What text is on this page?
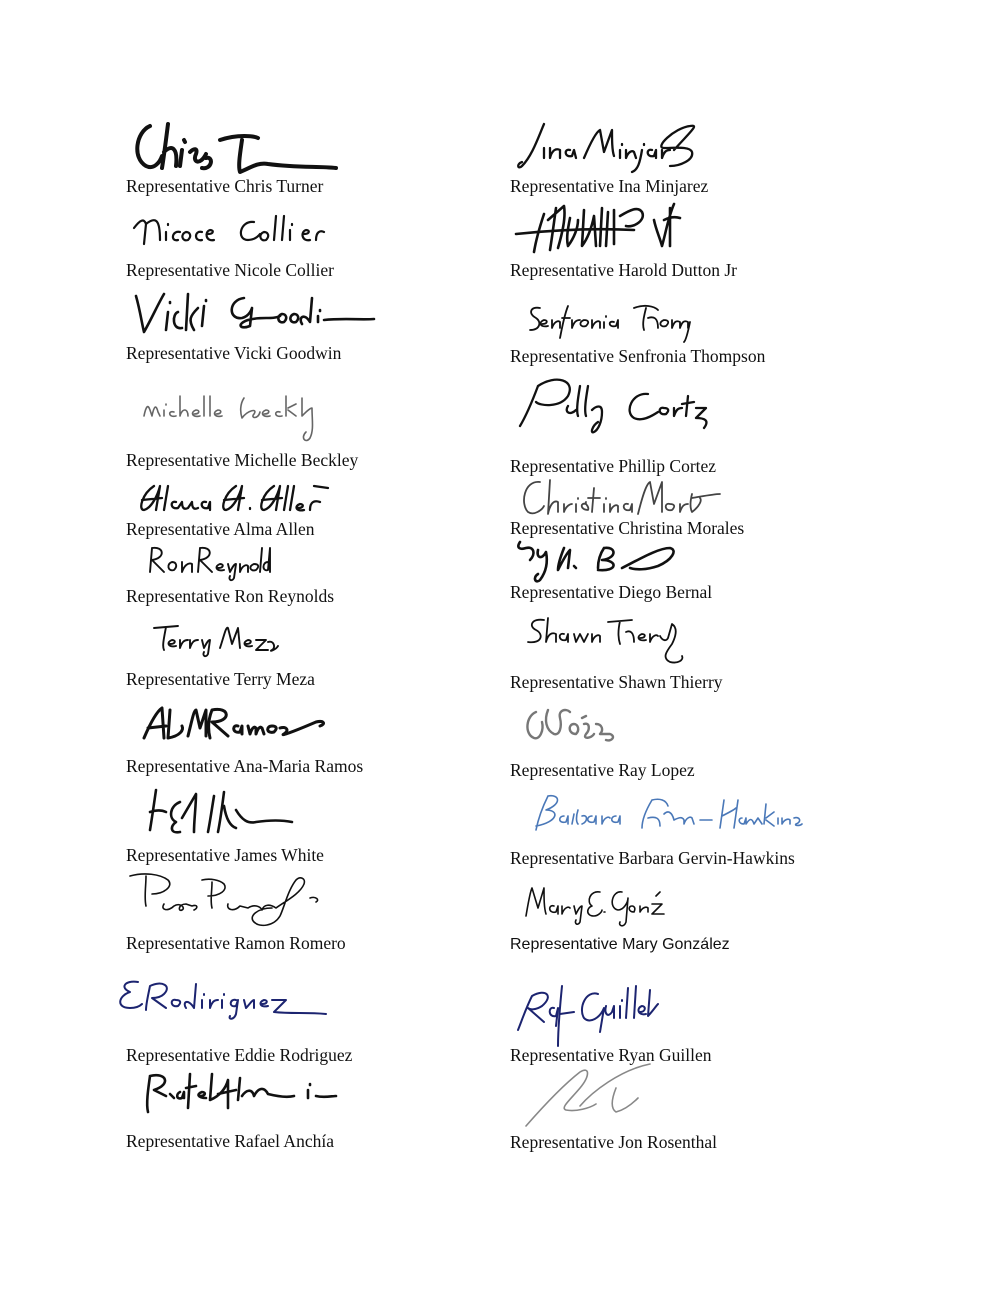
Representative Chris Turner
Representative Nicole Collier
Representative Vicki Goodwin
Representative Michelle Beckley
Representative Alma Allen
Representative Ron Reynolds
Representative Terry Meza
Representative Ana-Maria Ramos
Representative James White
Representative Ramon Romero
Representative Eddie Rodriguez
Representative Rafael Anchía
Representative Ina Minjarez
Representative Harold Dutton Jr
Representative Senfronia Thompson
Representative Phillip Cortez
Representative Christina Morales
Representative Diego Bernal
Representative Shawn Thierry
Representative Ray Lopez
Representative Barbara Gervin-Hawkins
Representative Mary González
Representative Ryan Guillen
Representative Jon Rosenthal
